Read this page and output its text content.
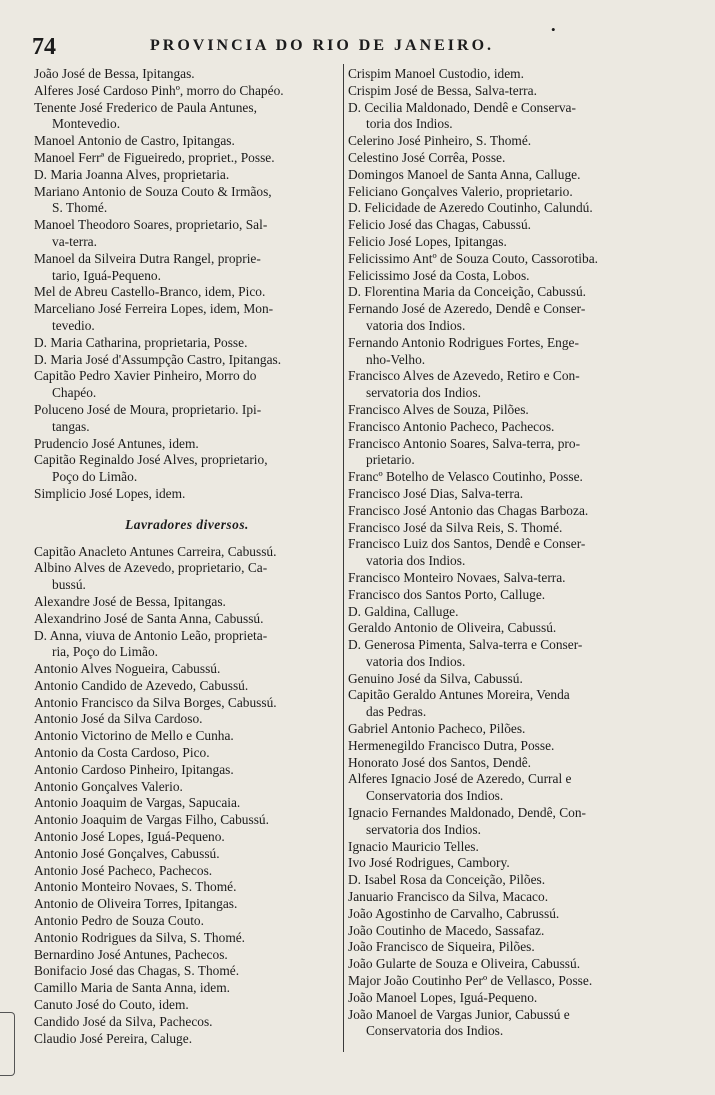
74	PROVINCIA DO RIO DE JANEIRO.
•
João José de Bessa, Ipitangas.
Alferes José Cardoso Pinhº, morro do Chapéo.
Tenente José Frederico de Paula Antunes,
Montevedio.
Manoel Antonio de Castro, Ipitangas.
Manoel Ferrª de Figueiredo, propriet., Posse.
D. Maria Joanna Alves, proprietaria.
Mariano Antonio de Souza Couto & Irmãos,
S. Thomé.
Manoel Theodoro Soares, proprietario, Sal-
va-terra.
Manoel da Silveira Dutra Rangel, proprie-
tario, Iguá-Pequeno.
Mel de Abreu Castello-Branco, idem, Pico.
Marceliano José Ferreira Lopes, idem, Mon-
tevedio.
D. Maria Catharina, proprietaria, Posse.
D. Maria José d'Assumpção Castro, Ipitangas.
Capitão Pedro Xavier Pinheiro, Morro do
Chapéo.
Poluceno José de Moura, proprietario. Ipi-
tangas.
Prudencio José Antunes, idem.
Capitão Reginaldo José Alves, proprietario,
Poço do Limão.
Simplicio José Lopes, idem.
Lavradores diversos.
Capitão Anacleto Antunes Carreira, Cabussú.
Albino Alves de Azevedo, proprietario, Ca-
bussú.
Alexandre José de Bessa, Ipitangas.
Alexandrino José de Santa Anna, Cabussú.
D. Anna, viuva de Antonio Leão, proprieta-
ria, Poço do Limão.
Antonio Alves Nogueira, Cabussú.
Antonio Candido de Azevedo, Cabussú.
Antonio Francisco da Silva Borges, Cabussú.
Antonio José da Silva Cardoso.
Antonio Victorino de Mello e Cunha.
Antonio da Costa Cardoso, Pico.
Antonio Cardoso Pinheiro, Ipitangas.
Antonio Gonçalves Valerio.
Antonio Joaquim de Vargas, Sapucaia.
Antonio Joaquim de Vargas Filho, Cabussú.
Antonio José Lopes, Iguá-Pequeno.
Antonio José Gonçalves, Cabussú.
Antonio José Pacheco, Pachecos.
Antonio Monteiro Novaes, S. Thomé.
Antonio de Oliveira Torres, Ipitangas.
Antonio Pedro de Souza Couto.
Antonio Rodrigues da Silva, S. Thomé.
Bernardino José Antunes, Pachecos.
Bonifacio José das Chagas, S. Thomé.
Camillo Maria de Santa Anna, idem.
Canuto José do Couto, idem.
Candido José da Silva, Pachecos.
Claudio José Pereira, Caluge.
Crispim Manoel Custodio, idem.
Crispim José de Bessa, Salva-terra.
D. Cecilia Maldonado, Dendê e Conserva-
toria dos Indios.
Celerino José Pinheiro, S. Thomé.
Celestino José Corrêa, Posse.
Domingos Manoel de Santa Anna, Calluge.
Feliciano Gonçalves Valerio, proprietario.
D. Felicidade de Azeredo Coutinho, Calundú.
Felicio José das Chagas, Cabussú.
Felicio José Lopes, Ipitangas.
Felicissimo Antº de Souza Couto, Cassorotiba.
Felicissimo José da Costa, Lobos.
D. Florentina Maria da Conceição, Cabussú.
Fernando José de Azeredo, Dendê e Conser-
vatoria dos Indios.
Fernando Antonio Rodrigues Fortes, Enge-
nho-Velho.
Francisco Alves de Azevedo, Retiro e Con-
servatoria dos Indios.
Francisco Alves de Souza, Pilões.
Francisco Antonio Pacheco, Pachecos.
Francisco Antonio Soares, Salva-terra, pro-
prietario.
Francº Botelho de Velasco Coutinho, Posse.
Francisco José Dias, Salva-terra.
Francisco José Antonio das Chagas Barboza.
Francisco José da Silva Reis, S. Thomé.
Francisco Luiz dos Santos, Dendê e Conser-
vatoria dos Indios.
Francisco Monteiro Novaes, Salva-terra.
Francisco dos Santos Porto, Calluge.
D. Galdina, Calluge.
Geraldo Antonio de Oliveira, Cabussú.
D. Generosa Pimenta, Salva-terra e Conser-
vatoria dos Indios.
Genuino José da Silva, Cabussú.
Capitão Geraldo Antunes Moreira, Venda
das Pedras.
Gabriel Antonio Pacheco, Pilões.
Hermenegildo Francisco Dutra, Posse.
Honorato José dos Santos, Dendê.
Alferes Ignacio José de Azeredo, Curral e
Conservatoria dos Indios.
Ignacio Fernandes Maldonado, Dendê, Con-
servatoria dos Indios.
Ignacio Mauricio Telles.
Ivo José Rodrigues, Cambory.
D. Isabel Rosa da Conceição, Pilões.
Januario Francisco da Silva, Macaco.
João Agostinho de Carvalho, Cabrussú.
João Coutinho de Macedo, Sassafaz.
João Francisco de Siqueira, Pilões.
João Gularte de Souza e Oliveira, Cabussú.
Major João Coutinho Perº de Vellasco, Posse.
João Manoel Lopes, Iguá-Pequeno.
João Manoel de Vargas Junior, Cabussú e
Conservatoria dos Indios.
